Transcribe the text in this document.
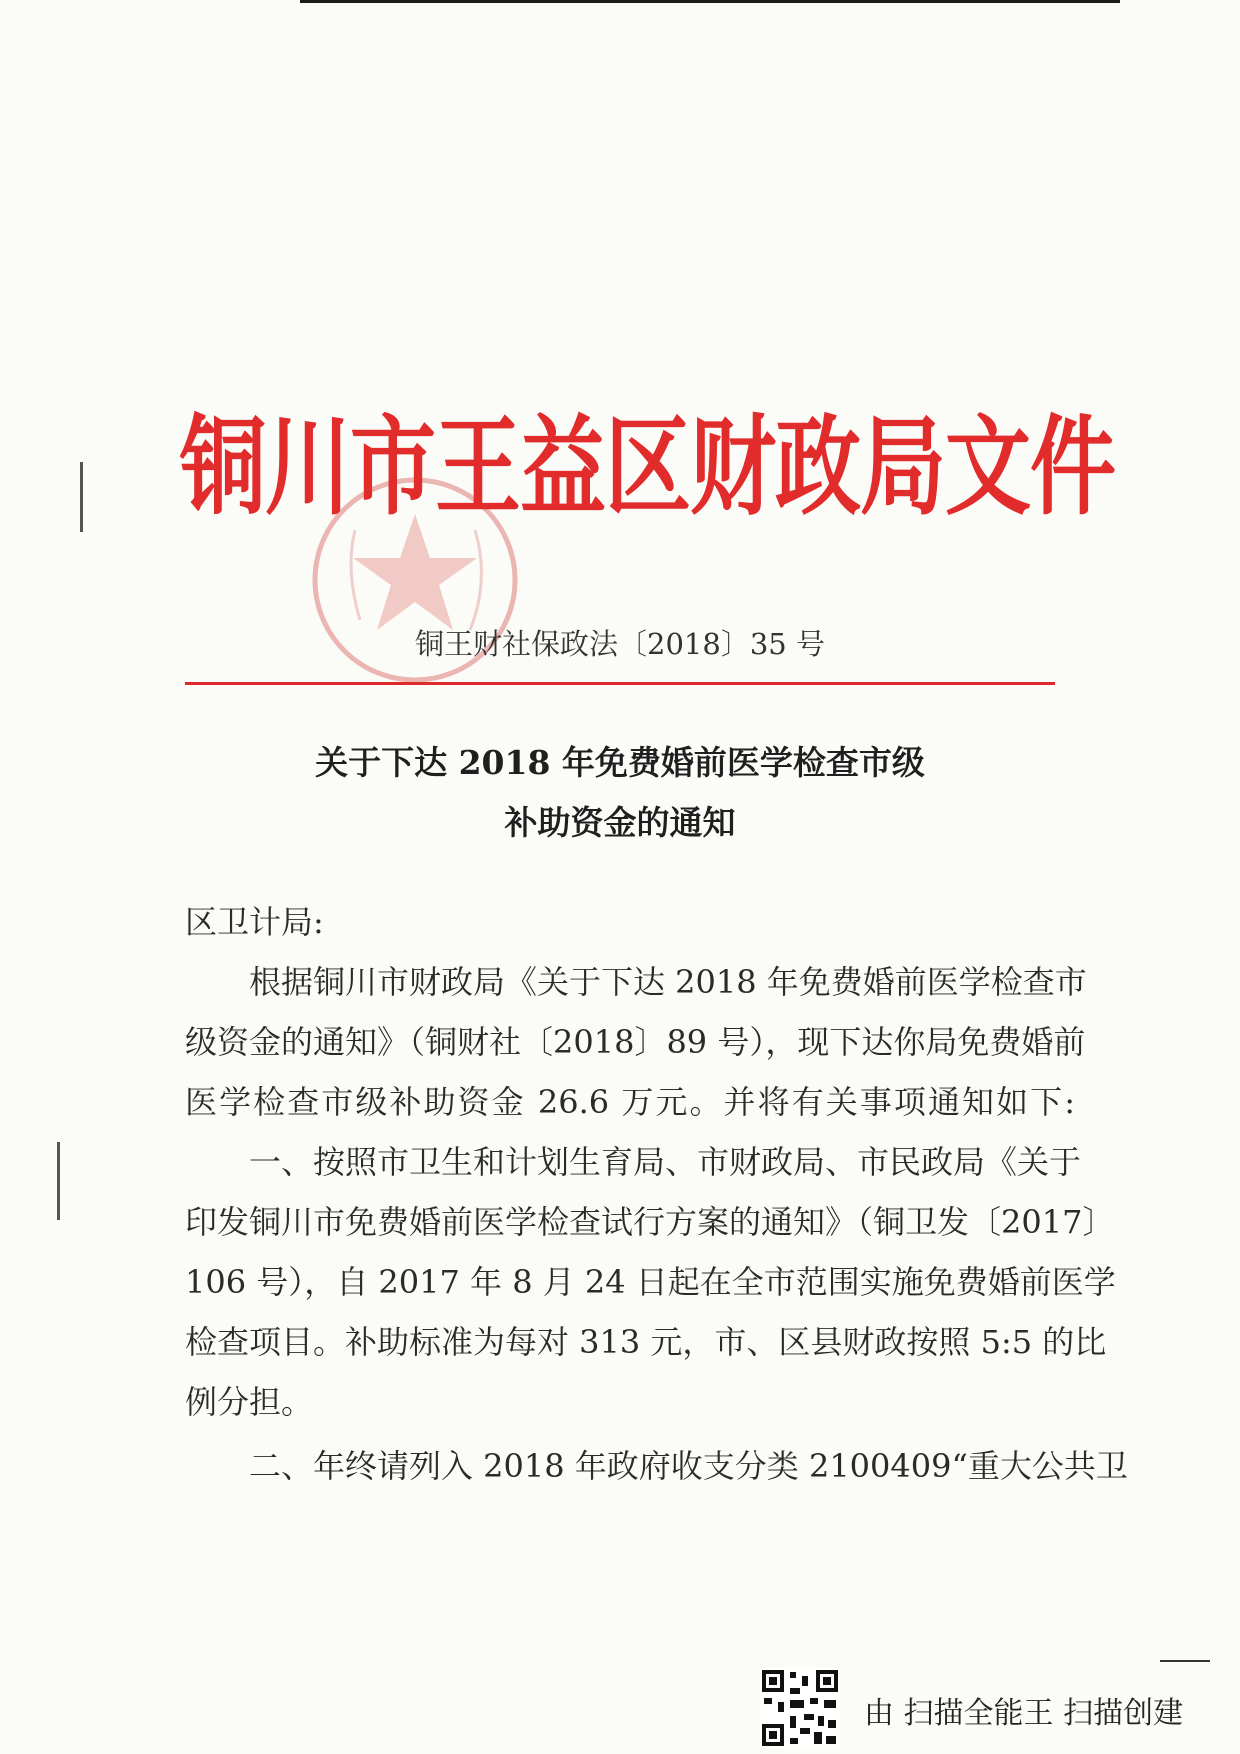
铜川市王益区财政局文件
铜王财社保政法〔2018〕35 号
关于下达 2018 年免费婚前医学检查市级
补助资金的通知
区卫计局:
根据铜川市财政局《关于下达 2018 年免费婚前医学检查市
级资金的通知》（铜财社〔2018〕89 号），现下达你局免费婚前
医学检查市级补助资金 26.6 万元。并将有关事项通知如下:
一、按照市卫生和计划生育局、市财政局、市民政局《关于
印发铜川市免费婚前医学检查试行方案的通知》（铜卫发〔2017〕
106 号），自 2017 年 8 月 24 日起在全市范围实施免费婚前医学
检查项目。补助标准为每对 313 元，市、区县财政按照 5:5 的比
例分担。
二、年终请列入 2018 年政府收支分类 2100409“重大公共卫
由 扫描全能王 扫描创建
